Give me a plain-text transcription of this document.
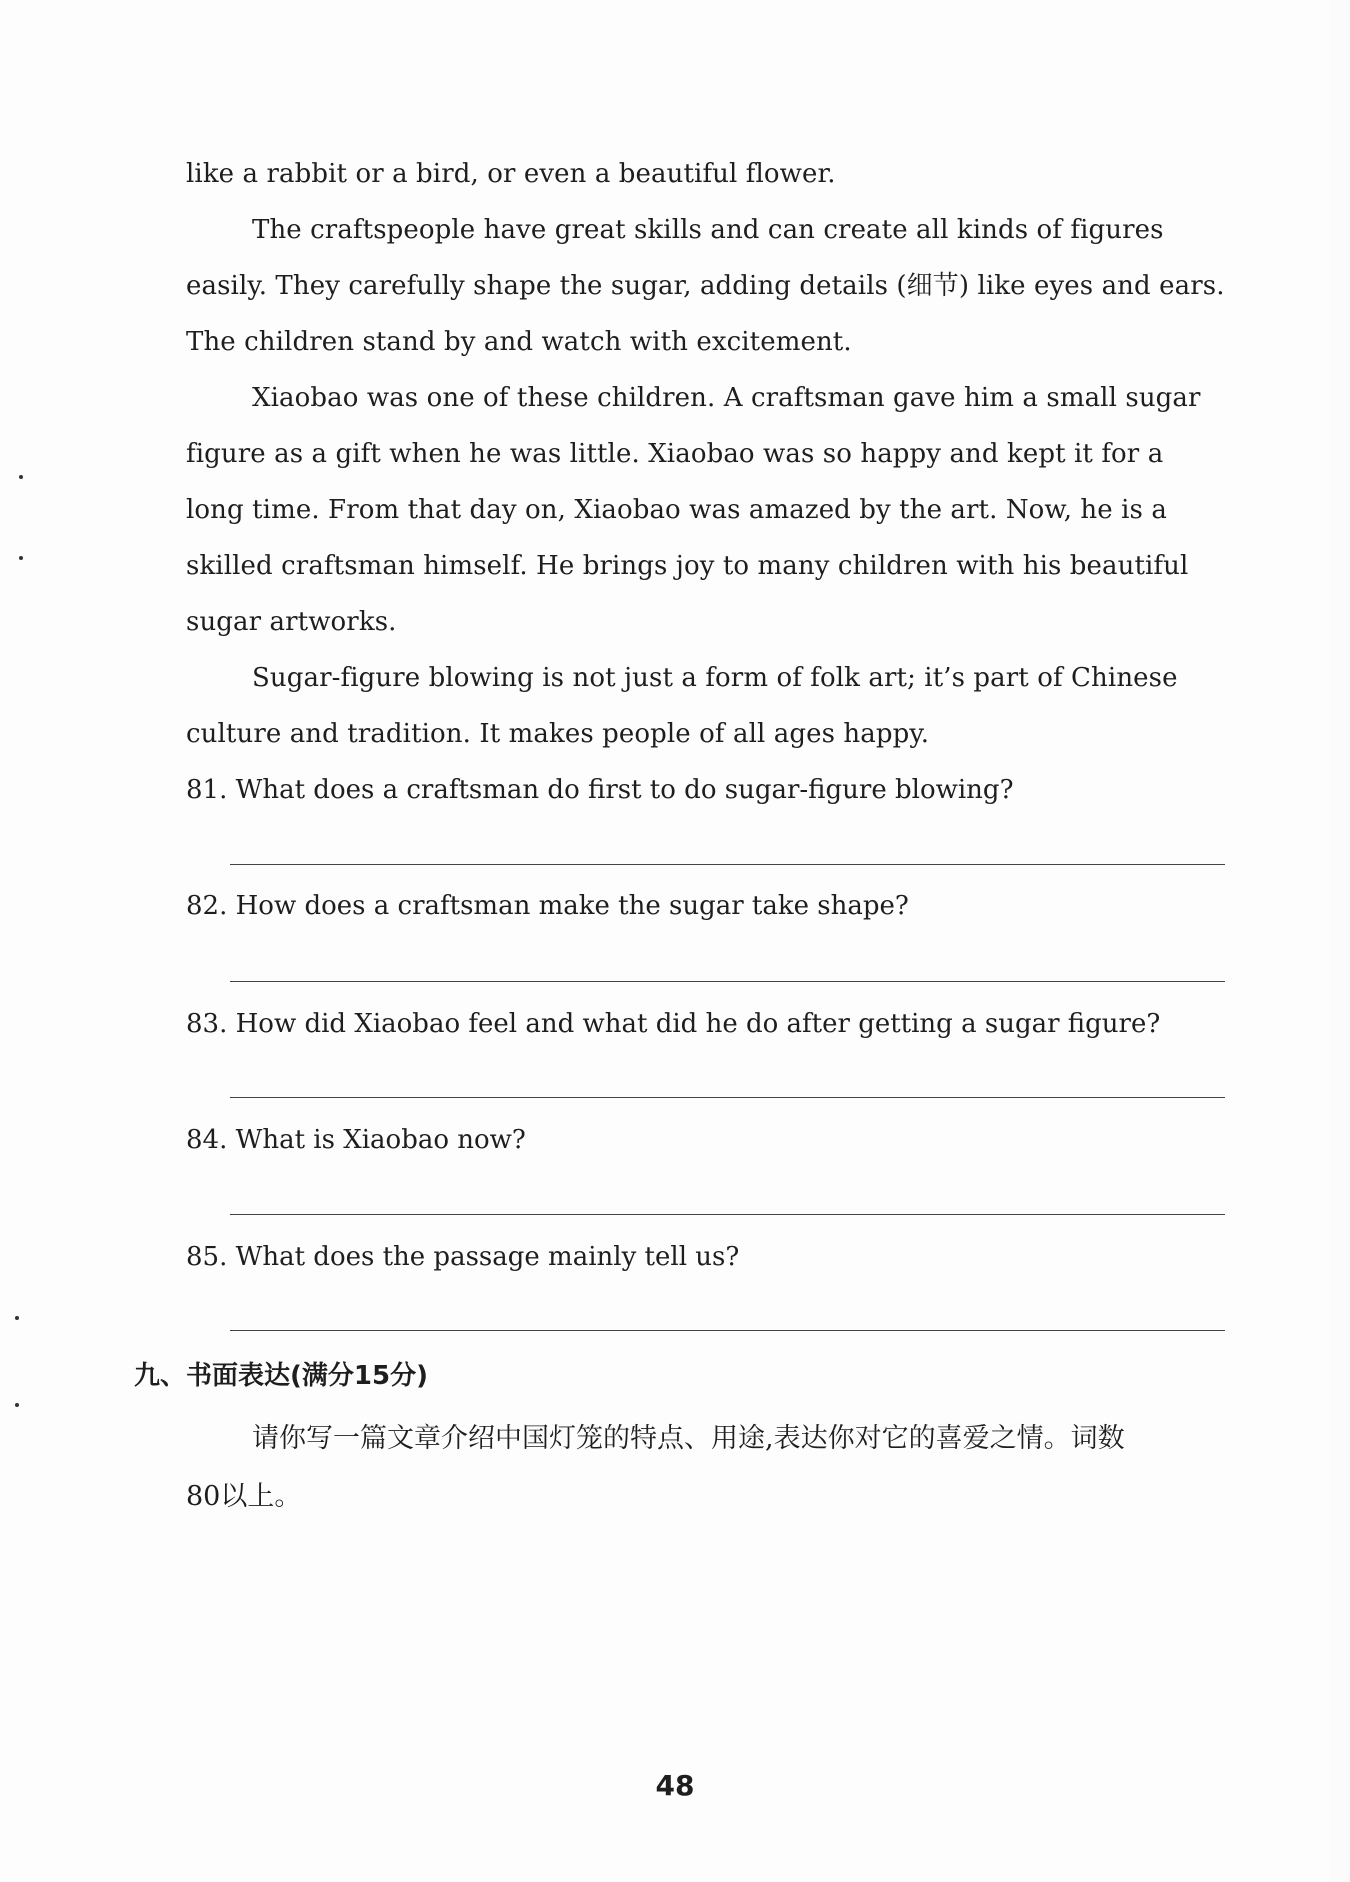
like a rabbit or a bird, or even a beautiful flower.

The craftspeople have great skills and can create all kinds of figures easily. They carefully shape the sugar, adding details (细节) like eyes and ears. The children stand by and watch with excitement.

Xiaobao was one of these children. A craftsman gave him a small sugar figure as a gift when he was little. Xiaobao was so happy and kept it for a long time. From that day on, Xiaobao was amazed by the art. Now, he is a skilled craftsman himself. He brings joy to many children with his beautiful sugar artworks.

Sugar-figure blowing is not just a form of folk art; it’s part of Chinese culture and tradition. It makes people of all ages happy.

81. What does a craftsman do first to do sugar-figure blowing?
82. How does a craftsman make the sugar take shape?
83. How did Xiaobao feel and what did he do after getting a sugar figure?
84. What is Xiaobao now?
85. What does the passage mainly tell us?
九、书面表达(满分15分)
请你写一篇文章介绍中国灯笼的特点、用途,表达你对它的喜爱之情。词数
80以上。
48
